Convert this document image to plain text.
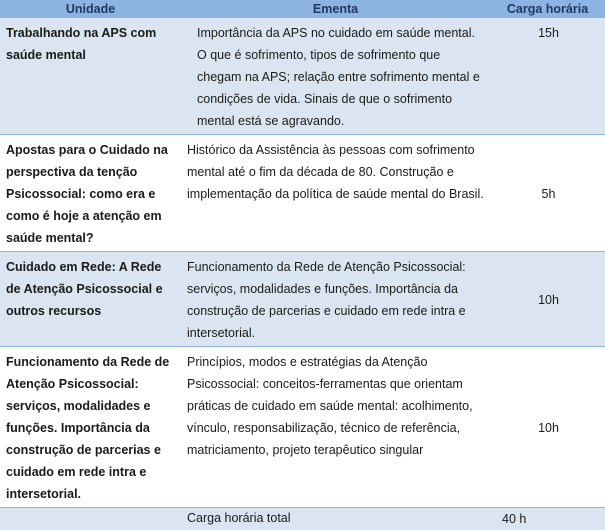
Unidade	Ementa	Carga horária
Trabalhando na APS com saúde mental	Importância da APS no cuidado em saúde mental. O que é sofrimento, tipos de sofrimento que chegam na APS; relação entre sofrimento mental e condições de vida. Sinais de que o sofrimento mental está se agravando.	15h
Apostas para o Cuidado na perspectiva da tenção Psicossocial: como era e como é hoje a atenção em saúde mental?	Histórico da Assistência às pessoas com sofrimento mental até o fim da década de 80. Construção e implementação da política de saúde mental do Brasil.	5h
Cuidado em Rede: A Rede de Atenção Psicossocial e outros recursos	Funcionamento da Rede de Atenção Psicossocial: serviços, modalidades e funções. Importância da construção de parcerias e cuidado em rede intra e intersetorial.	10h
Funcionamento da Rede de Atenção Psicossocial: serviços, modalidades e funções. Importância da construção de parcerias e cuidado em rede intra e intersetorial.	Princípios, modos e estratégias da Atenção Psicossocial: conceitos-ferramentas que orientam práticas de cuidado em saúde mental: acolhimento, vínculo, responsabilização, técnico de referência, matriciamento, projeto terapêutico singular	10h
	Carga horária total	40 h
